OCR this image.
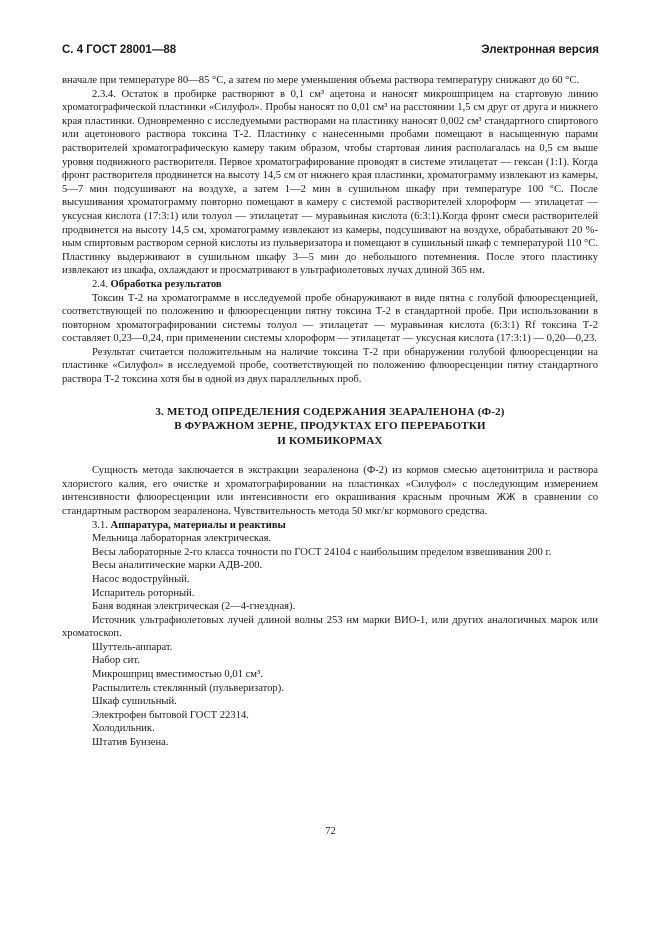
С. 4 ГОСТ 28001—88	Электронная версия

вначале при температуре 80—85 °С, а затем по мере уменьшения объема раствора температуру снижают до 60 °С.

2.3.4. Остаток в пробирке растворяют в 0,1 см³ ацетона и наносят микрошприцем на стартовую линию хроматографической пластинки «Силуфол». Пробы наносят по 0,01 см³ на расстоянии 1,5 см друг от друга и нижнего края пластинки. Одновременно с исследуемыми растворами на пластинку наносят 0,002 см³ стандартного спиртового или ацетонового раствора токсина Т-2. Пластинку с нанесенными пробами помещают в насыщенную парами растворителей хроматографическую камеру таким образом, чтобы стартовая линия располагалась на 0,5 см выше уровня подвижного растворителя. Первое хроматографирование проводят в системе этилацетат — гексан (1:1). Когда фронт растворителя продвинется на высоту 14,5 см от нижнего края пластинки, хроматограмму извлекают из камеры, 5—7 мин подсушивают на воздухе, а затем 1—2 мин в сушильном шкафу при температуре 100 °С. После высушивания хроматограмму повторно помещают в камеру с системой растворителей хлороформ — этилацетат — уксусная кислота (17:3:1) или толуол — этилацетат — муравьиная кислота (6:3:1).Когда фронт смеси растворителей продвинется на высоту 14,5 см, хроматограмму извлекают из камеры, подсушивают на воздухе, обрабатывают 20 %-ным спиртовым раствором серной кислоты из пульверизатора и помещают в сушильный шкаф с температурой 110 °С. Пластинку выдерживают в сушильном шкафу 3—5 мин до небольшого потемнения. После этого пластинку извлекают из шкафа, охлаждают и просматривают в ультрафиолетовых лучах длиной 365 нм.

2.4. Обработка результатов

Токсин Т-2 на хроматограмме в исследуемой пробе обнаруживают в виде пятна с голубой флюоресценцией, соответствующей по положению и флюоресценции пятну токсина Т-2 в стандартной пробе. При использовании в повторном хроматографировании системы толуол — этилацетат — муравьиная кислота (6:3:1) Rf токсина Т-2 составляет 0,23—0,24, при применении системы хлороформ — этилацетат — уксусная кислота (17:3:1) — 0,20—0,23.

Результат считается положительным на наличие токсина Т-2 при обнаружении голубой флюоресценции на пластинке «Силуфол» в исследуемой пробе, соответствующей по положению флюоресценции пятну стандартного раствора Т-2 токсина хотя бы в одной из двух параллельных проб.

3. МЕТОД ОПРЕДЕЛЕНИЯ СОДЕРЖАНИЯ ЗЕАРАЛЕНОНА (Ф-2)
В ФУРАЖНОМ ЗЕРНЕ, ПРОДУКТАХ ЕГО ПЕРЕРАБОТКИ
И КОМБИКОРМАХ

Сущность метода заключается в экстракции зеараленона (Ф-2) из кормов смесью ацетонитрила и раствора хлористого калия, его очистке и хроматографировании на пластинках «Силуфол» с последующим измерением интенсивности флюоресценции или интенсивности его окрашивания красным прочным ЖЖ в сравнении со стандартным раствором зеараленона. Чувствительность метода 50 мкг/кг кормового средства.

3.1. Аппаратура, материалы и реактивы

Мельница лабораторная электрическая.

Весы лабораторные 2-го класса точности по ГОСТ 24104 с наибольшим пределом взвешивания 200 г.

Весы аналитические марки АДВ-200.

Насос водоструйный.

Испаритель роторный.

Баня водяная электрическая (2—4-гнездная).

Источник ультрафиолетовых лучей длиной волны 253 нм марки ВИО-1, или других аналогичных марок или хроматоскоп.

Шуттель-аппарат.

Набор сит.

Микрошприц вместимостью 0,01 см³.

Распылитель стеклянный (пульверизатор).

Шкаф сушильный.

Электрофен бытовой ГОСТ 22314.

Холодильник.

Штатив Бунзена.

72
